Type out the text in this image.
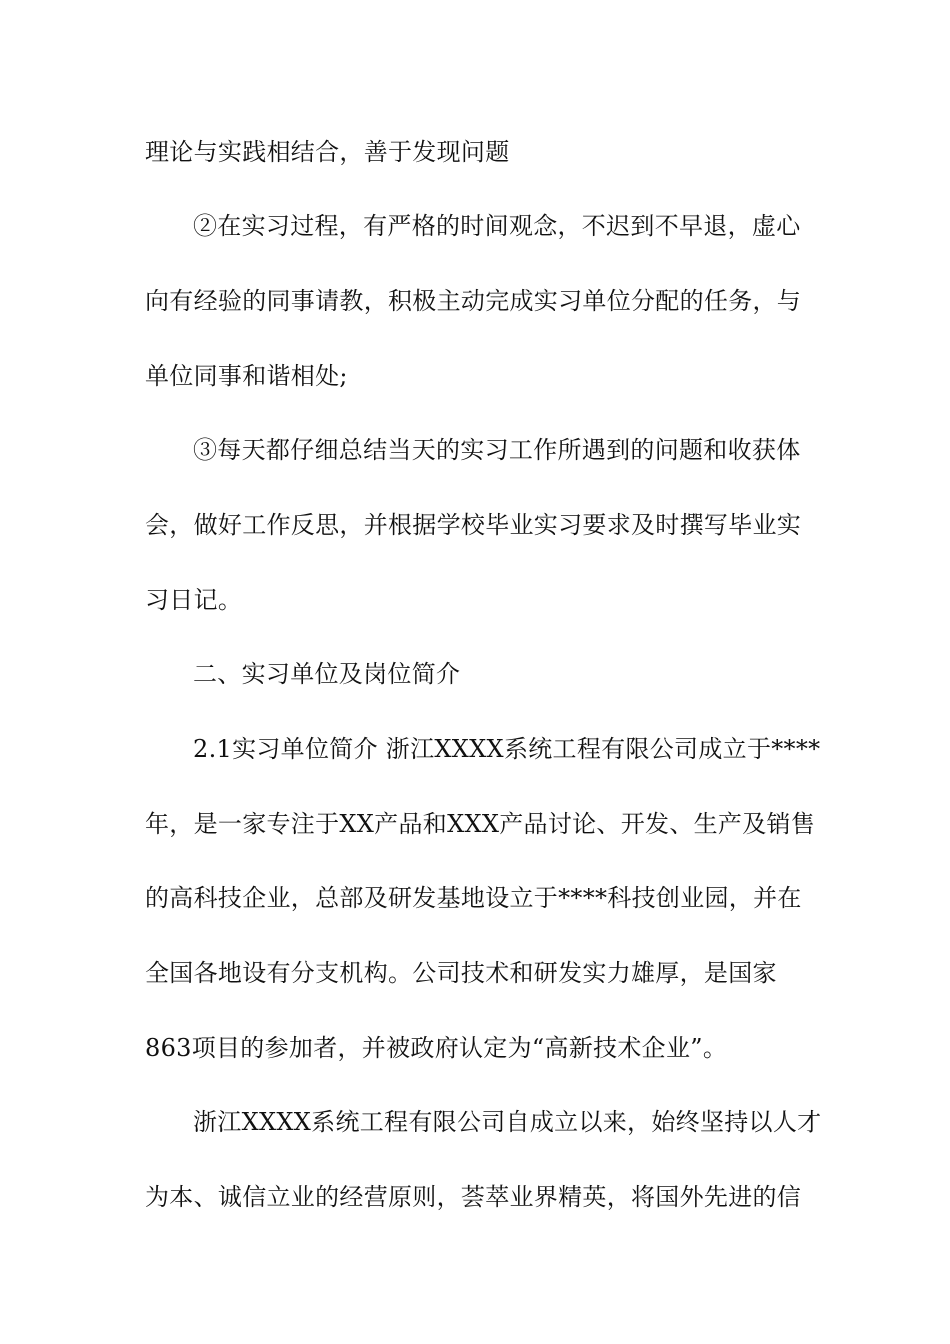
理论与实践相结合，善于发现问题
②在实习过程，有严格的时间观念，不迟到不早退，虚心
向有经验的同事请教，积极主动完成实习单位分配的任务，与
单位同事和谐相处;
③每天都仔细总结当天的实习工作所遇到的问题和收获体
会，做好工作反思，并根据学校毕业实习要求及时撰写毕业实
习日记。
二、实习单位及岗位简介
2.1实习单位简介 浙江XXXX系统工程有限公司成立于****
年，是一家专注于XX产品和XXX产品讨论、开发、生产及销售
的高科技企业，总部及研发基地设立于****科技创业园，并在
全国各地设有分支机构。公司技术和研发实力雄厚，是国家
863项目的参加者，并被政府认定为“高新技术企业”。
浙江XXXX系统工程有限公司自成立以来，始终坚持以人才
为本、诚信立业的经营原则，荟萃业界精英，将国外先进的信
